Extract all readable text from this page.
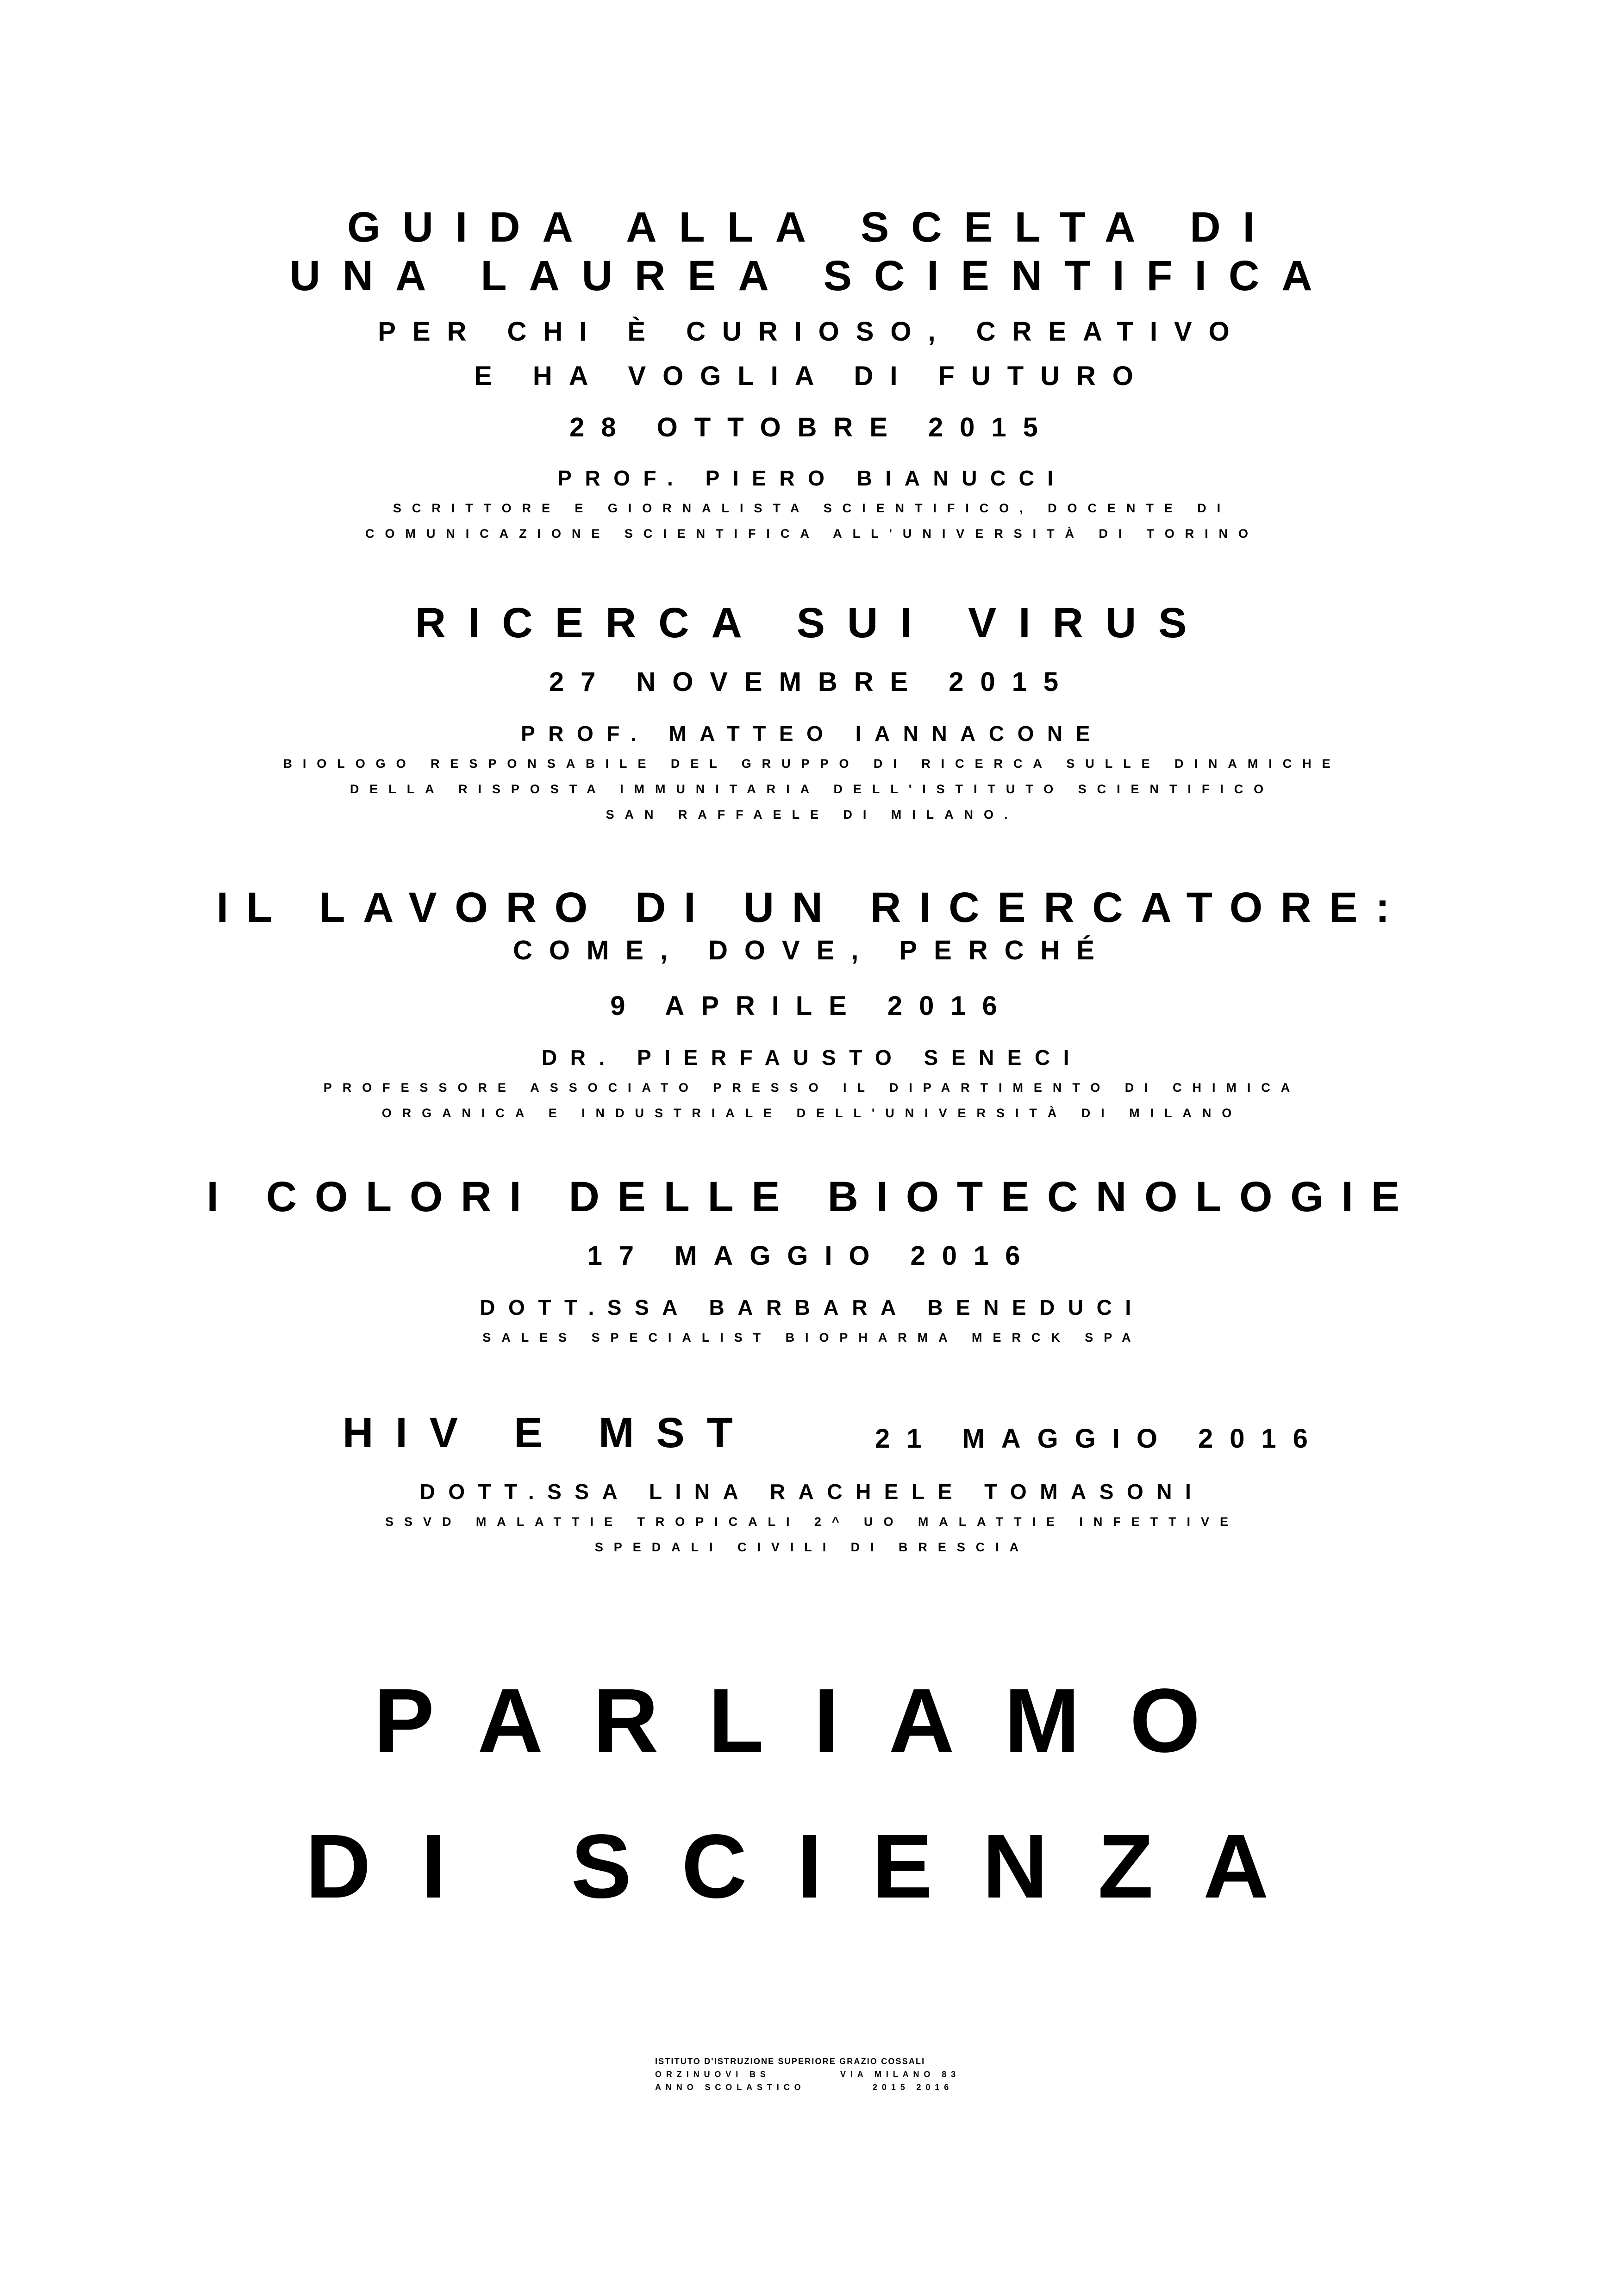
GUIDA ALLA SCELTA DI
UNA LAUREA SCIENTIFICA

PER CHI È CURIOSO, CREATIVO

E HA VOGLIA DI FUTURO

28 OTTOBRE 2015

PROF. PIERO BIANUCCI

SCRITTORE E GIORNALISTA SCIENTIFICO, DOCENTE DI

COMUNICAZIONE SCIENTIFICA ALL'UNIVERSITÀ DI TORINO

RICERCA SUI VIRUS

27 NOVEMBRE 2015

PROF. MATTEO IANNACONE

BIOLOGO RESPONSABILE DEL GRUPPO DI RICERCA SULLE DINAMICHE

DELLA RISPOSTA IMMUNITARIA DELL'ISTITUTO SCIENTIFICO

SAN RAFFAELE DI MILANO.

IL LAVORO DI UN RICERCATORE:

COME, DOVE, PERCHÉ

9 APRILE 2016

DR. PIERFAUSTO SENECI

PROFESSORE ASSOCIATO PRESSO IL DIPARTIMENTO DI CHIMICA

ORGANICA E INDUSTRIALE DELL'UNIVERSITÀ DI MILANO

I COLORI DELLE BIOTECNOLOGIE

17 MAGGIO 2016

DOTT.SSA BARBARA BENEDUCI

SALES SPECIALIST BIOPHARMA MERCK SPA

HIV E MST	21 MAGGIO 2016

DOTT.SSA LINA RACHELE TOMASONI

SSVD MALATTIE TROPICALI 2^ UO MALATTIE INFETTIVE

SPEDALI CIVILI DI BRESCIA

PARLIAMO
DI SCIENZA
ISTITUTO D'ISTRUZIONE SUPERIORE GRAZIO COSSALI
ORZINUOVI BS	VIA MILANO 83
ANNO SCOLASTICO	2015 2016
